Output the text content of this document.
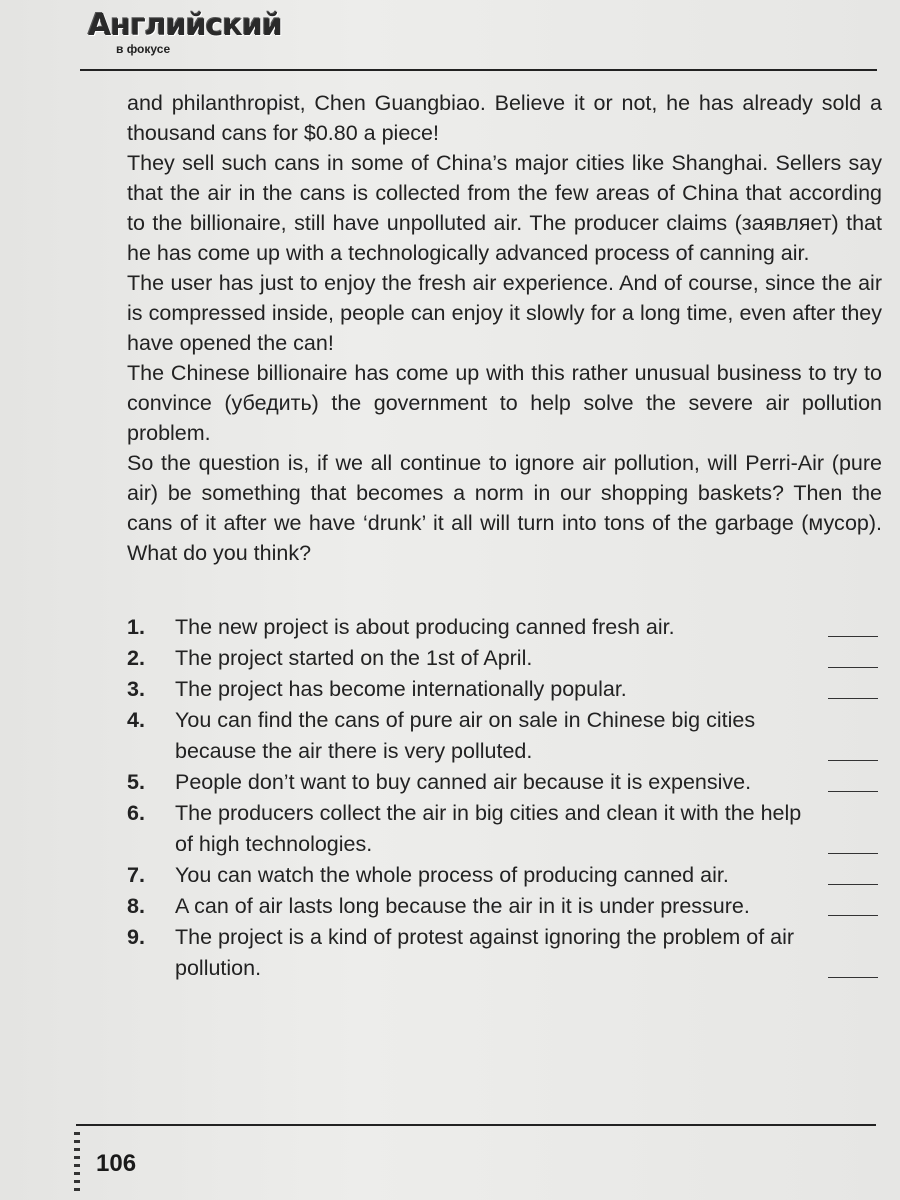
Английский
в фокусе

and philanthropist, Chen Guangbiao. Believe it or not, he has already sold a thousand cans for $0.80 a piece!

They sell such cans in some of China’s major cities like Shanghai. Sellers say that the air in the cans is collected from the few areas of China that according to the billionaire, still have unpolluted air. The producer claims (заявляет) that he has come up with a technologically advanced process of canning air.

The user has just to enjoy the fresh air experience. And of course, since the air is compressed inside, people can enjoy it slowly for a long time, even after they have opened the can!

The Chinese billionaire has come up with this rather unusual business to try to convince (убедить) the government to help solve the severe air pollution problem.

So the question is, if we all continue to ignore air pollution, will Perri-Air (pure air) be something that becomes a norm in our shopping baskets? Then the cans of it after we have ‘drunk’ it all will turn into tons of the garbage (мусор). What do you think?

1.	The new project is about producing canned fresh air.
2.	The project started on the 1st of April.
3.	The project has become internationally popular.
4.	You can find the cans of pure air on sale in Chinese big cities because the air there is very polluted.
5.	People don’t want to buy canned air because it is expensive.
6.	The producers collect the air in big cities and clean it with the help of high technologies.
7.	You can watch the whole process of producing canned air.
8.	A can of air lasts long because the air in it is under pressure.
9.	The project is a kind of protest against ignoring the problem of air pollution.
106
